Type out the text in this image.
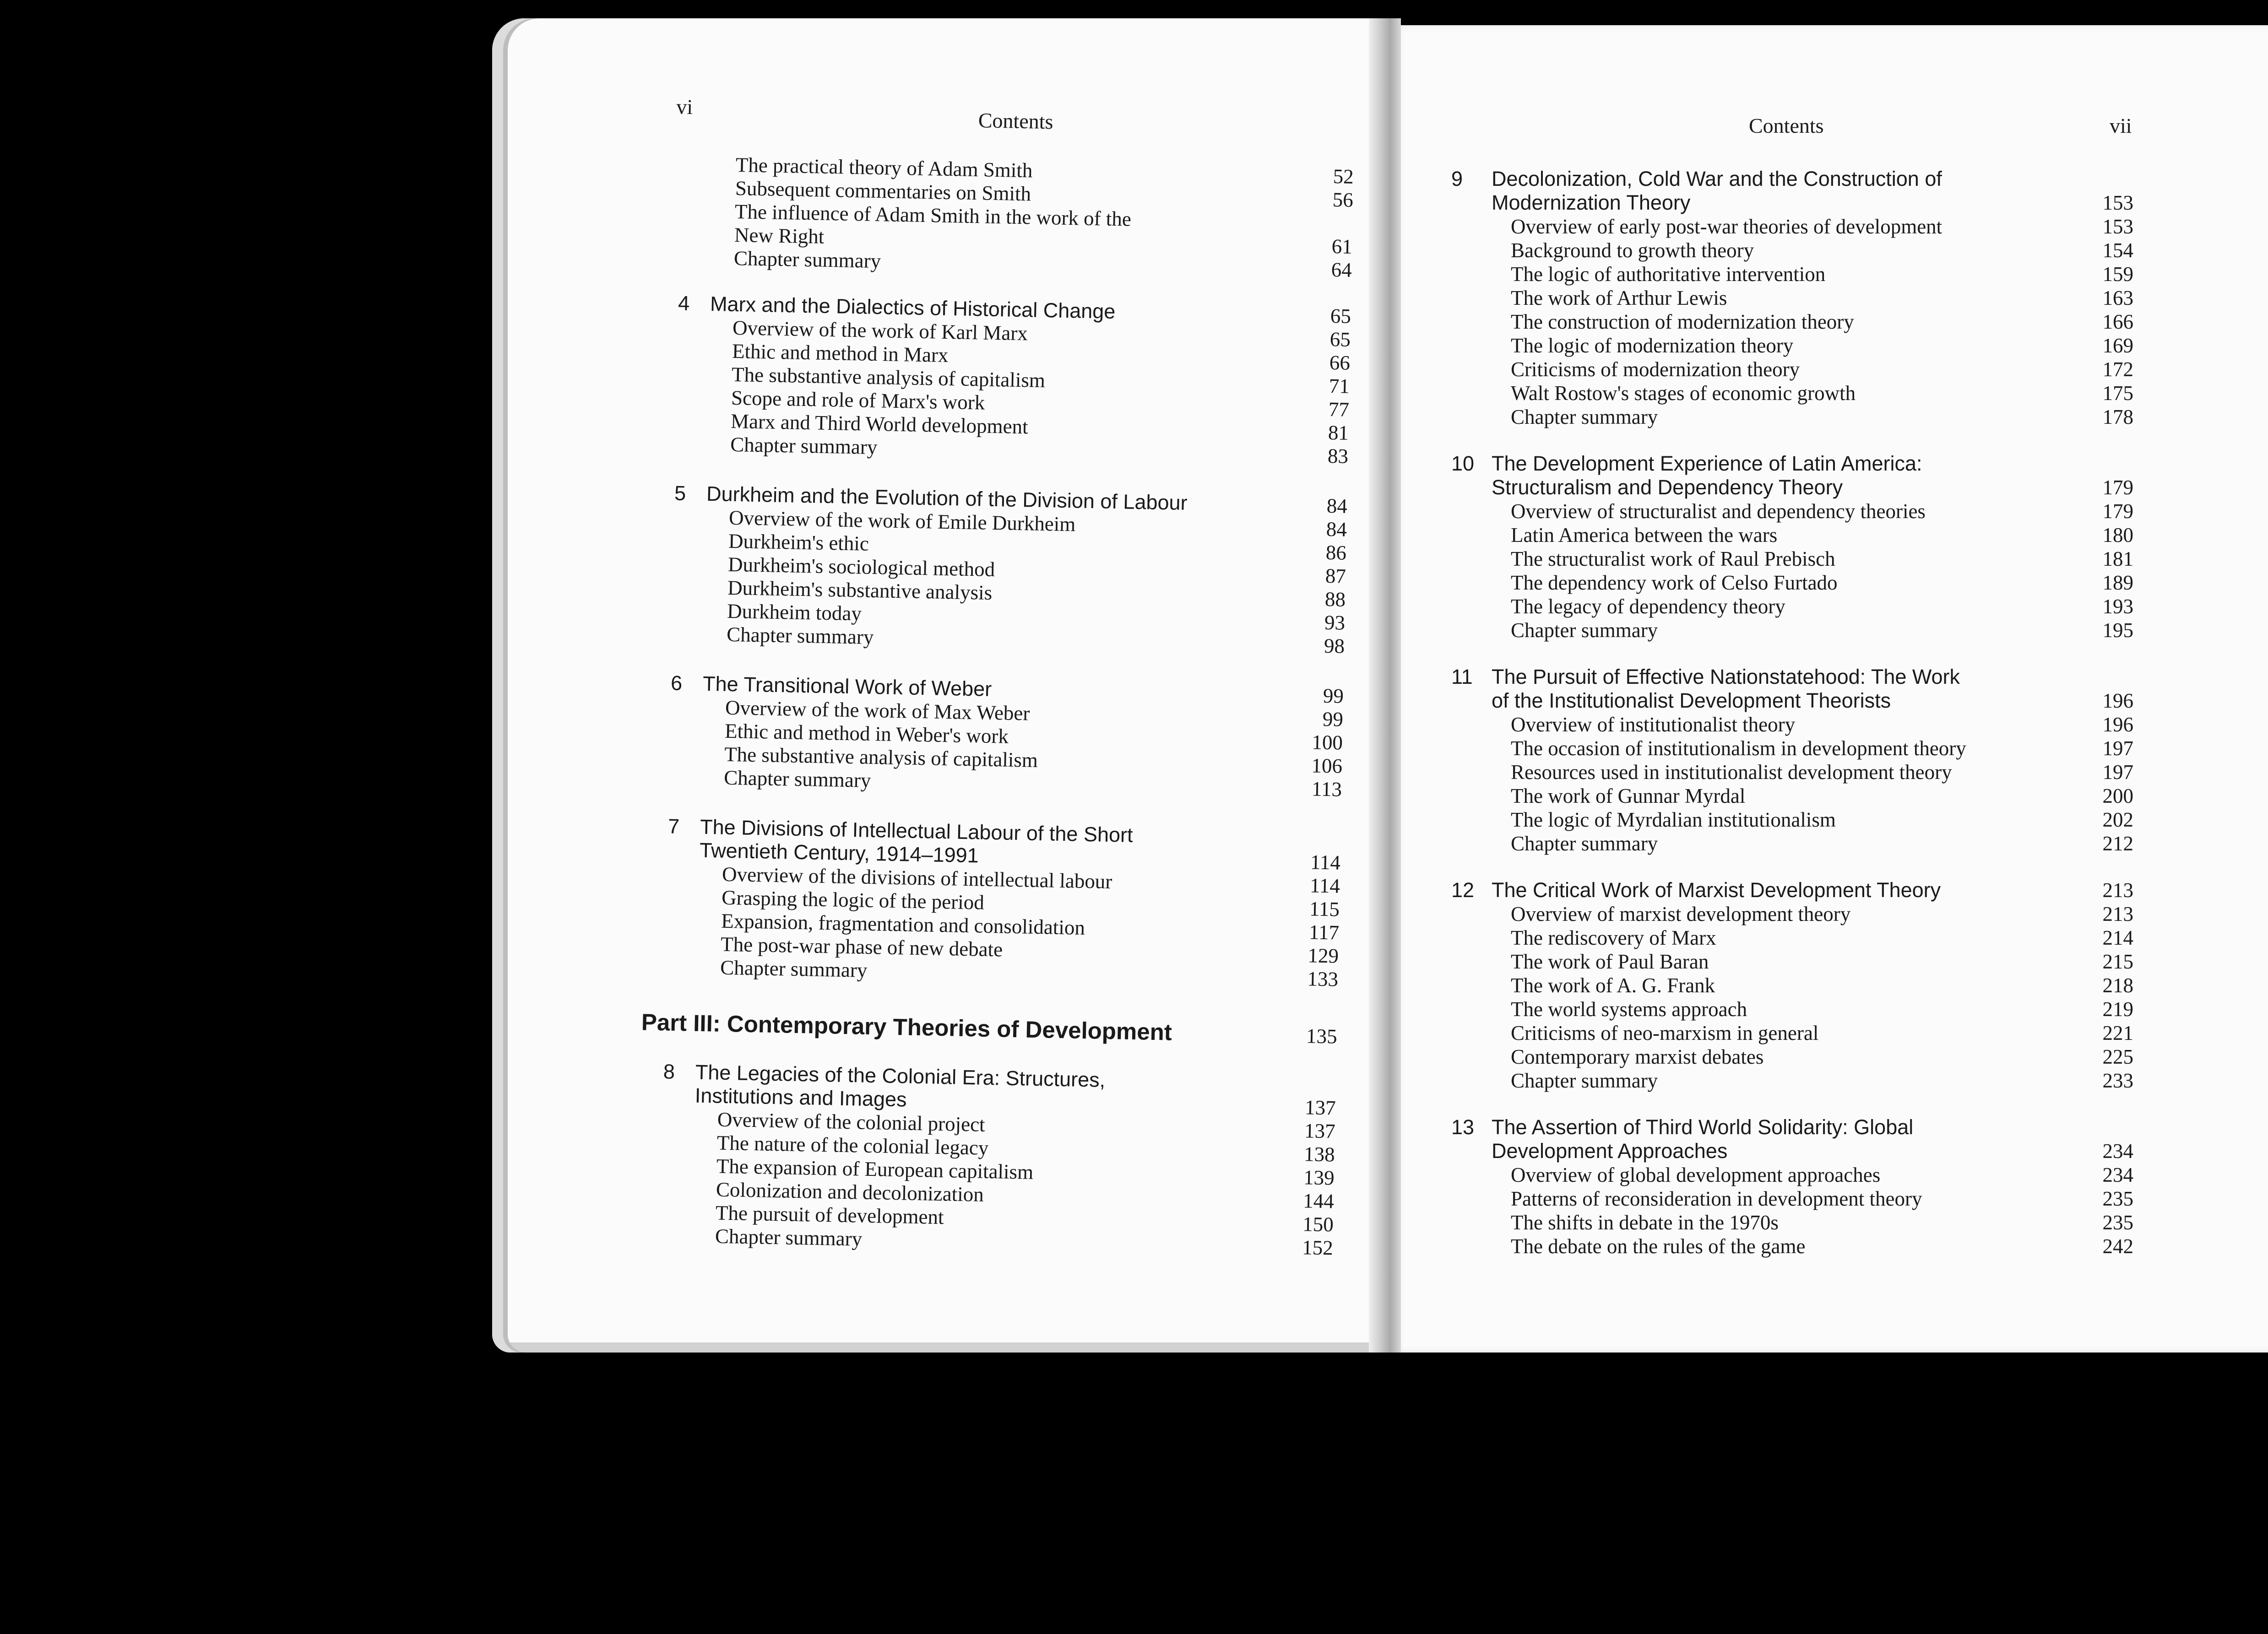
vi
Contents
The practical theory of Adam Smith	52
Subsequent commentaries on Smith	56
The influence of Adam Smith in the work of the
New Right	61
Chapter summary	64
4 Marx and the Dialectics of Historical Change	65
Overview of the work of Karl Marx	65
Ethic and method in Marx	66
The substantive analysis of capitalism	71
Scope and role of Marx's work	77
Marx and Third World development	81
Chapter summary	83
5 Durkheim and the Evolution of the Division of Labour	84
Overview of the work of Emile Durkheim	84
Durkheim's ethic	86
Durkheim's sociological method	87
Durkheim's substantive analysis	88
Durkheim today	93
Chapter summary	98
6 The Transitional Work of Weber	99
Overview of the work of Max Weber	99
Ethic and method in Weber's work	100
The substantive analysis of capitalism	106
Chapter summary	113
7 The Divisions of Intellectual Labour of the Short
Twentieth Century, 1914–1991	114
Overview of the divisions of intellectual labour	114
Grasping the logic of the period	115
Expansion, fragmentation and consolidation	117
The post-war phase of new debate	129
Chapter summary	133
Part III: Contemporary Theories of Development	135
8 The Legacies of the Colonial Era: Structures,
Institutions and Images	137
Overview of the colonial project	137
The nature of the colonial legacy	138
The expansion of European capitalism	139
Colonization and decolonization	144
The pursuit of development	150
Chapter summary	152
Contents	vii
9 Decolonization, Cold War and the Construction of
Modernization Theory	153
Overview of early post-war theories of development	153
Background to growth theory	154
The logic of authoritative intervention	159
The work of Arthur Lewis	163
The construction of modernization theory	166
The logic of modernization theory	169
Criticisms of modernization theory	172
Walt Rostow's stages of economic growth	175
Chapter summary	178
10 The Development Experience of Latin America:
Structuralism and Dependency Theory	179
Overview of structuralist and dependency theories	179
Latin America between the wars	180
The structuralist work of Raul Prebisch	181
The dependency work of Celso Furtado	189
The legacy of dependency theory	193
Chapter summary	195
11 The Pursuit of Effective Nationstatehood: The Work
of the Institutionalist Development Theorists	196
Overview of institutionalist theory	196
The occasion of institutionalism in development theory	197
Resources used in institutionalist development theory	197
The work of Gunnar Myrdal	200
The logic of Myrdalian institutionalism	202
Chapter summary	212
12 The Critical Work of Marxist Development Theory	213
Overview of marxist development theory	213
The rediscovery of Marx	214
The work of Paul Baran	215
The work of A. G. Frank	218
The world systems approach	219
Criticisms of neo-marxism in general	221
Contemporary marxist debates	225
Chapter summary	233
13 The Assertion of Third World Solidarity: Global
Development Approaches	234
Overview of global development approaches	234
Patterns of reconsideration in development theory	235
The shifts in debate in the 1970s	235
The debate on the rules of the game	242
